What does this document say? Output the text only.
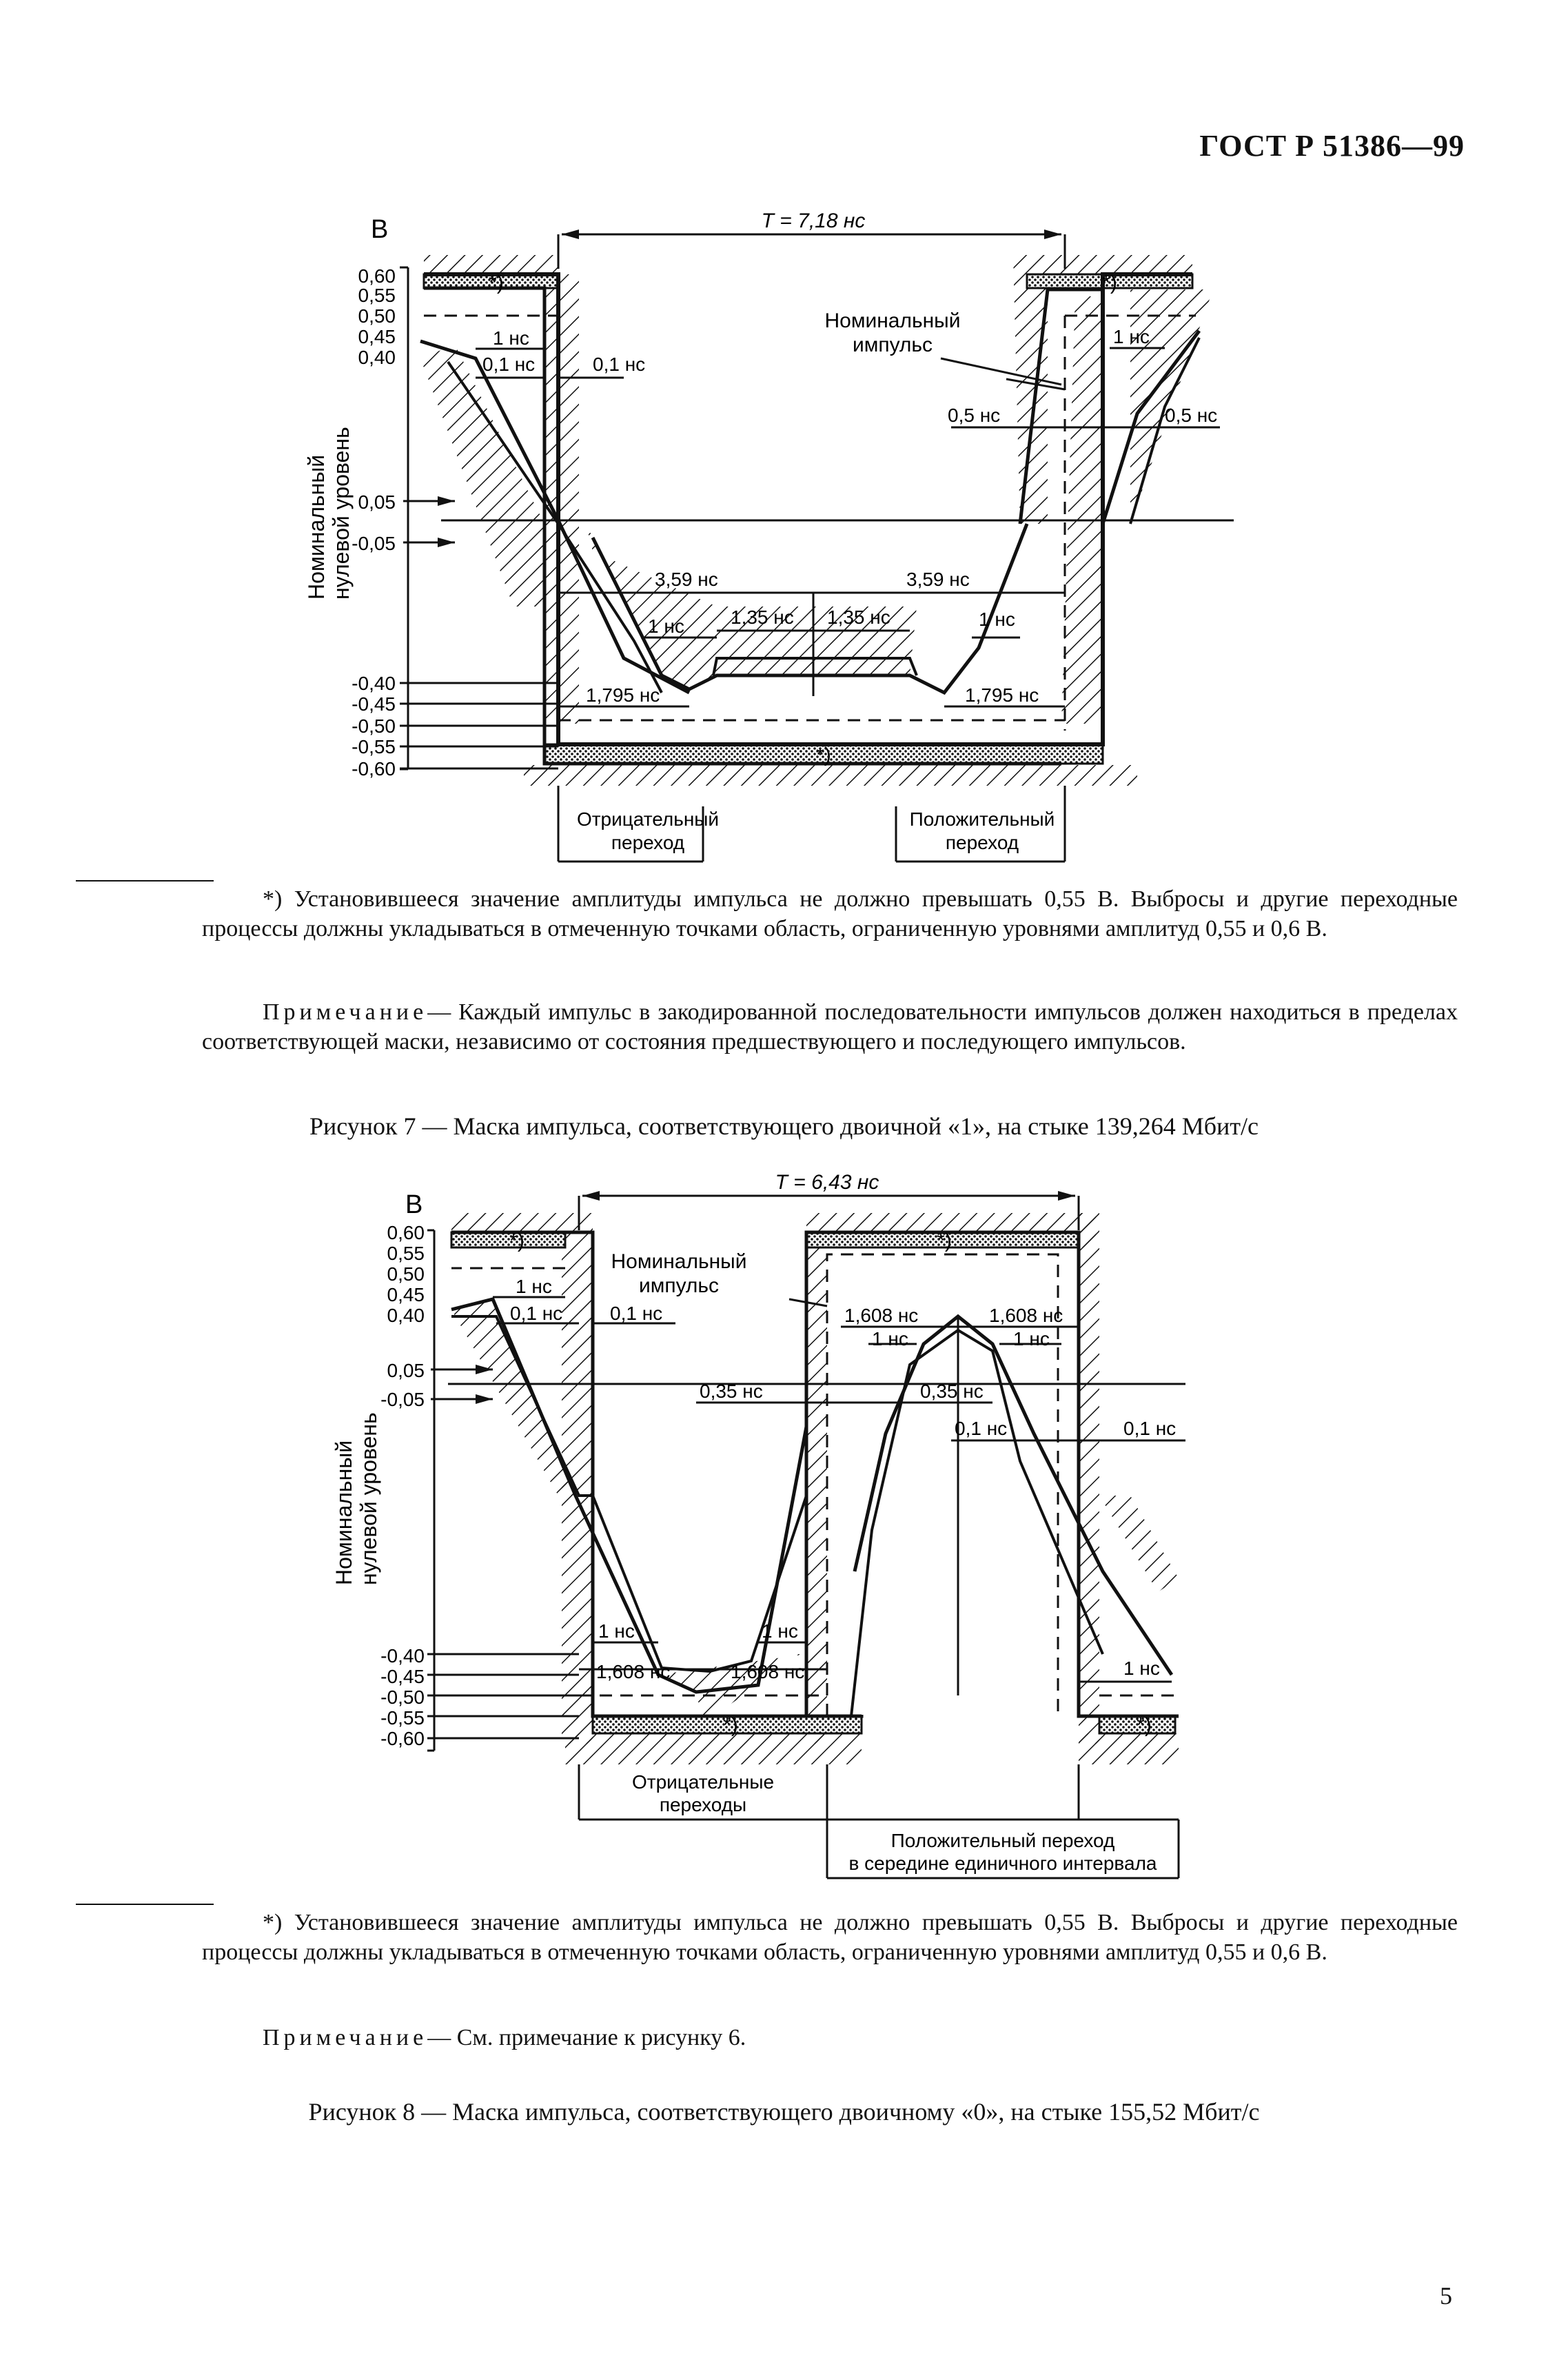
ГОСТ Р 51386—99
В	T = 7,18 нс
0,60
0,55
0,50
0,45
0,40
0,05
-0,05
-0,40
-0,45
-0,50
-0,55
-0,60
Номинальный нулевой уровень
Номинальный
импульс
*)	*)
*)
1 нс
0,1 нс	0,1 нс
1 нс
0,5 нс	0,5 нс
3,59 нс	3,59 нс
1 нс 1,35 нс 1,35 нс	1 нс
1,795 нс	1,795 нс
Отрицательный
переход
Положительный
переход
*) Установившееся значение амплитуды импульса не должно превышать 0,55 В. Выбросы и другие переходные процессы должны укладываться в отмеченную точками область, ограниченную уровнями амплитуд 0,55 и 0,6 В.
Примечание— Каждый импульс в закодированной последовательности импульсов должен находиться в пределах соответствующей маски, независимо от состояния предшествующего и последующего импульсов.
Рисунок 7 — Маска импульса, соответствующего двоичной «1», на стыке 139,264 Мбит/с
В
T = 6,43 нс
0,60
0,55
0,50
0,45
0,40
0,05
-0,05
-0,40
-0,45
-0,50
-0,55
-0,60
Номинальный нулевой уровень
Номинальный
импульс
*)	*)
*)	*)
1 нс
0,1 нс 0,1 нс
0,35 нс	0,35 нс
1,608 нс	1,608 нс
1 нс	1 нс
0,1 нс	0,1 нс
1 нс	1 нс
1,608 нс	1,608 нс	1 нс
Отрицательные
переходы
Положительный переход
в середине единичного интервала
*) Установившееся значение амплитуды импульса не должно превышать 0,55 В. Выбросы и другие переходные процессы должны укладываться в отмеченную точками область, ограниченную уровнями амплитуд 0,55 и 0,6 В.
Примечание— См. примечание к рисунку 6.
Рисунок 8 — Маска импульса, соответствующего двоичному «0», на стыке 155,52 Мбит/с
5
